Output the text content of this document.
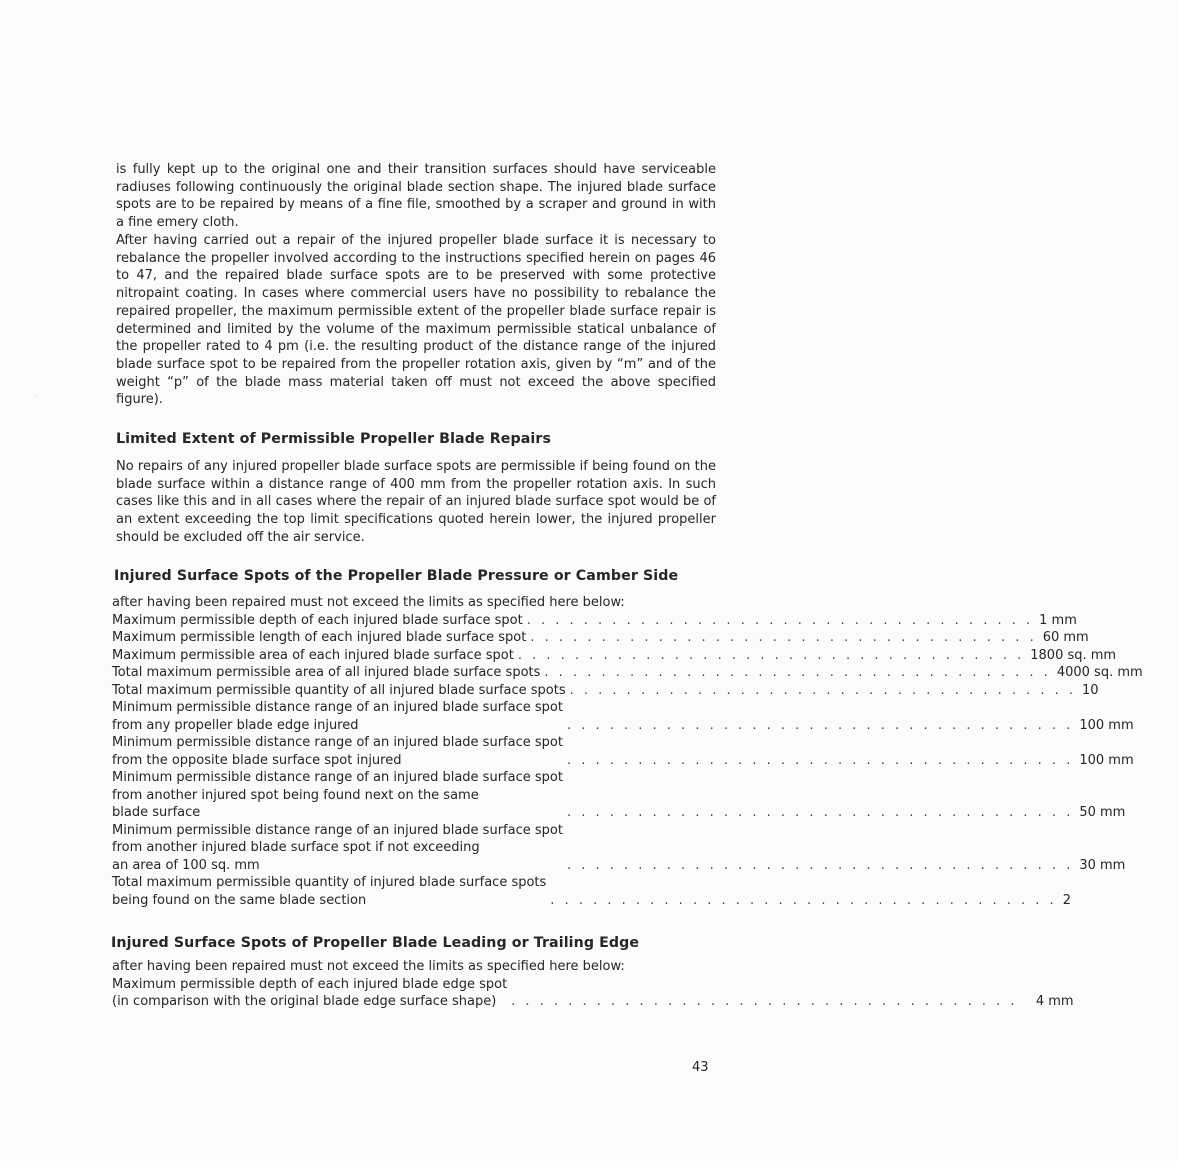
is fully kept up to the original one and their transition surfaces should have serviceable radiuses following continuously the original blade section shape. The injured blade surface spots are to be repaired by means of a fine file, smoothed by a scraper and ground in with a fine emery cloth.

After having carried out a repair of the injured propeller blade surface it is necessary to rebalance the propeller involved according to the instructions specified herein on pages 46 to 47, and the repaired blade surface spots are to be preserved with some protective nitropaint coating. In cases where commercial users have no possibility to rebalance the repaired propeller, the maximum permissible extent of the propeller blade surface repair is determined and limited by the volume of the maximum permissible statical unbalance of the propeller rated to 4 pm (i.e. the resulting product of the distance range of the injured blade surface spot to be repaired from the propeller rotation axis, given by “m” and of the weight “p” of the blade mass material taken off must not exceed the above specified figure).

Limited Extent of Permissible Propeller Blade Repairs

No repairs of any injured propeller blade surface spots are permissible if being found on the blade surface within a distance range of 400 mm from the propeller rotation axis. In such cases like this and in all cases where the repair of an injured blade surface spot would be of an extent exceeding the top limit specifications quoted herein lower, the injured propeller should be excluded off the air service.

Injured Surface Spots of the Propeller Blade Pressure or Camber Side
after having been repaired must not exceed the limits as specified here below:
Maximum permissible depth of each injured blade surface spot . . . . . . . . . . . . . . . . . . . . . . . . . . . . . . . . . . . . 1 mm
Maximum permissible length of each injured blade surface spot . . . . . . . . . . . . . . . . . . . . . . . . . . . . . . . . . . . . 60 mm
Maximum permissible area of each injured blade surface spot . . . . . . . . . . . . . . . . . . . . . . . . . . . . . . . . . . . . 1800 sq. mm
Total maximum permissible area of all injured blade surface spots . . . . . . . . . . . . . . . . . . . . . . . . . . . . . . . . . . . . 4000 sq. mm
Total maximum permissible quantity of all injured blade surface spots . . . . . . . . . . . . . . . . . . . . . . . . . . . . . . . . . . . . 10
Minimum permissible distance range of an injured blade surface spot
from any propeller blade edge injured	. . . . . . . . . . . . . . . . . . . . . . . . . . . . . . . . . . . . 100 mm
Minimum permissible distance range of an injured blade surface spot
from the opposite blade surface spot injured	. . . . . . . . . . . . . . . . . . . . . . . . . . . . . . . . . . . . 100 mm
Minimum permissible distance range of an injured blade surface spot
from another injured spot being found next on the same
blade surface	. . . . . . . . . . . . . . . . . . . . . . . . . . . . . . . . . . . . 50 mm
Minimum permissible distance range of an injured blade surface spot
from another injured blade surface spot if not exceeding
an area of 100 sq. mm	. . . . . . . . . . . . . . . . . . . . . . . . . . . . . . . . . . . . 30 mm
Total maximum permissible quantity of injured blade surface spots
being found on the same blade section	. . . . . . . . . . . . . . . . . . . . . . . . . . . . . . . . . . . . 2
Injured Surface Spots of Propeller Blade Leading or Trailing Edge
after having been repaired must not exceed the limits as specified here below:
Maximum permissible depth of each injured blade edge spot
(in comparison with the original blade edge surface shape)	. . . . . . . . . . . . . . . . . . . . . . . . . . . . . . . . . . . .	4 mm
43
·
